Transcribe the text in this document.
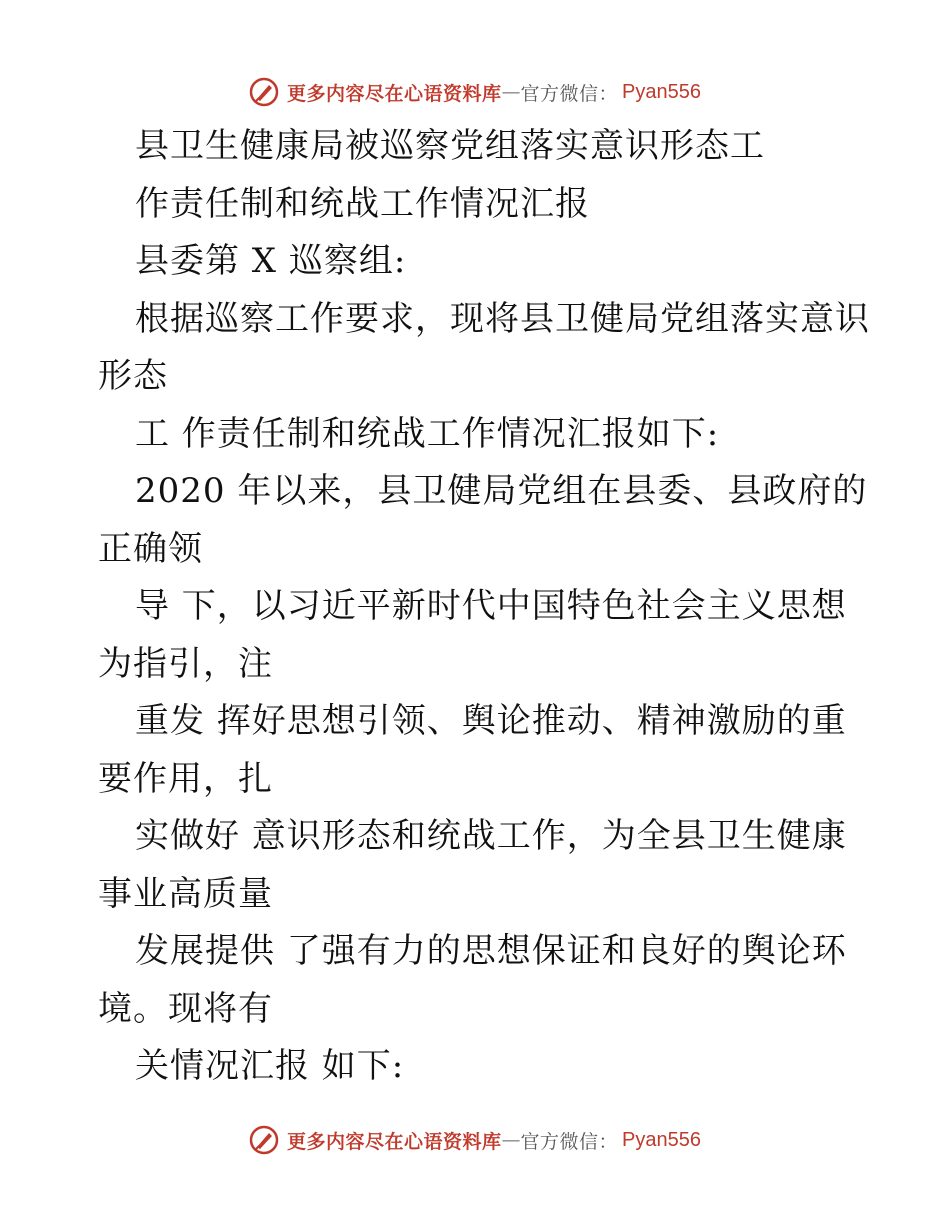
更多内容尽在心语资料库 — 官方微信： Pyan556
县卫生健康局被巡察党组落实意识形态工
作责任制和统战工作情况汇报
县委第 X 巡察组:
根据巡察工作要求，现将县卫健局党组落实意识
形态
工 作责任制和统战工作情况汇报如下:
2020 年以来，县卫健局党组在县委、县政府的
正确领
导 下，以习近平新时代中国特色社会主义思想
为指引，注
重发 挥好思想引领、舆论推动、精神激励的重
要作用，扎
实做好 意识形态和统战工作，为全县卫生健康
事业高质量
发展提供 了强有力的思想保证和良好的舆论环
境。现将有
关情况汇报 如下:
更多内容尽在心语资料库 — 官方微信： Pyan556
